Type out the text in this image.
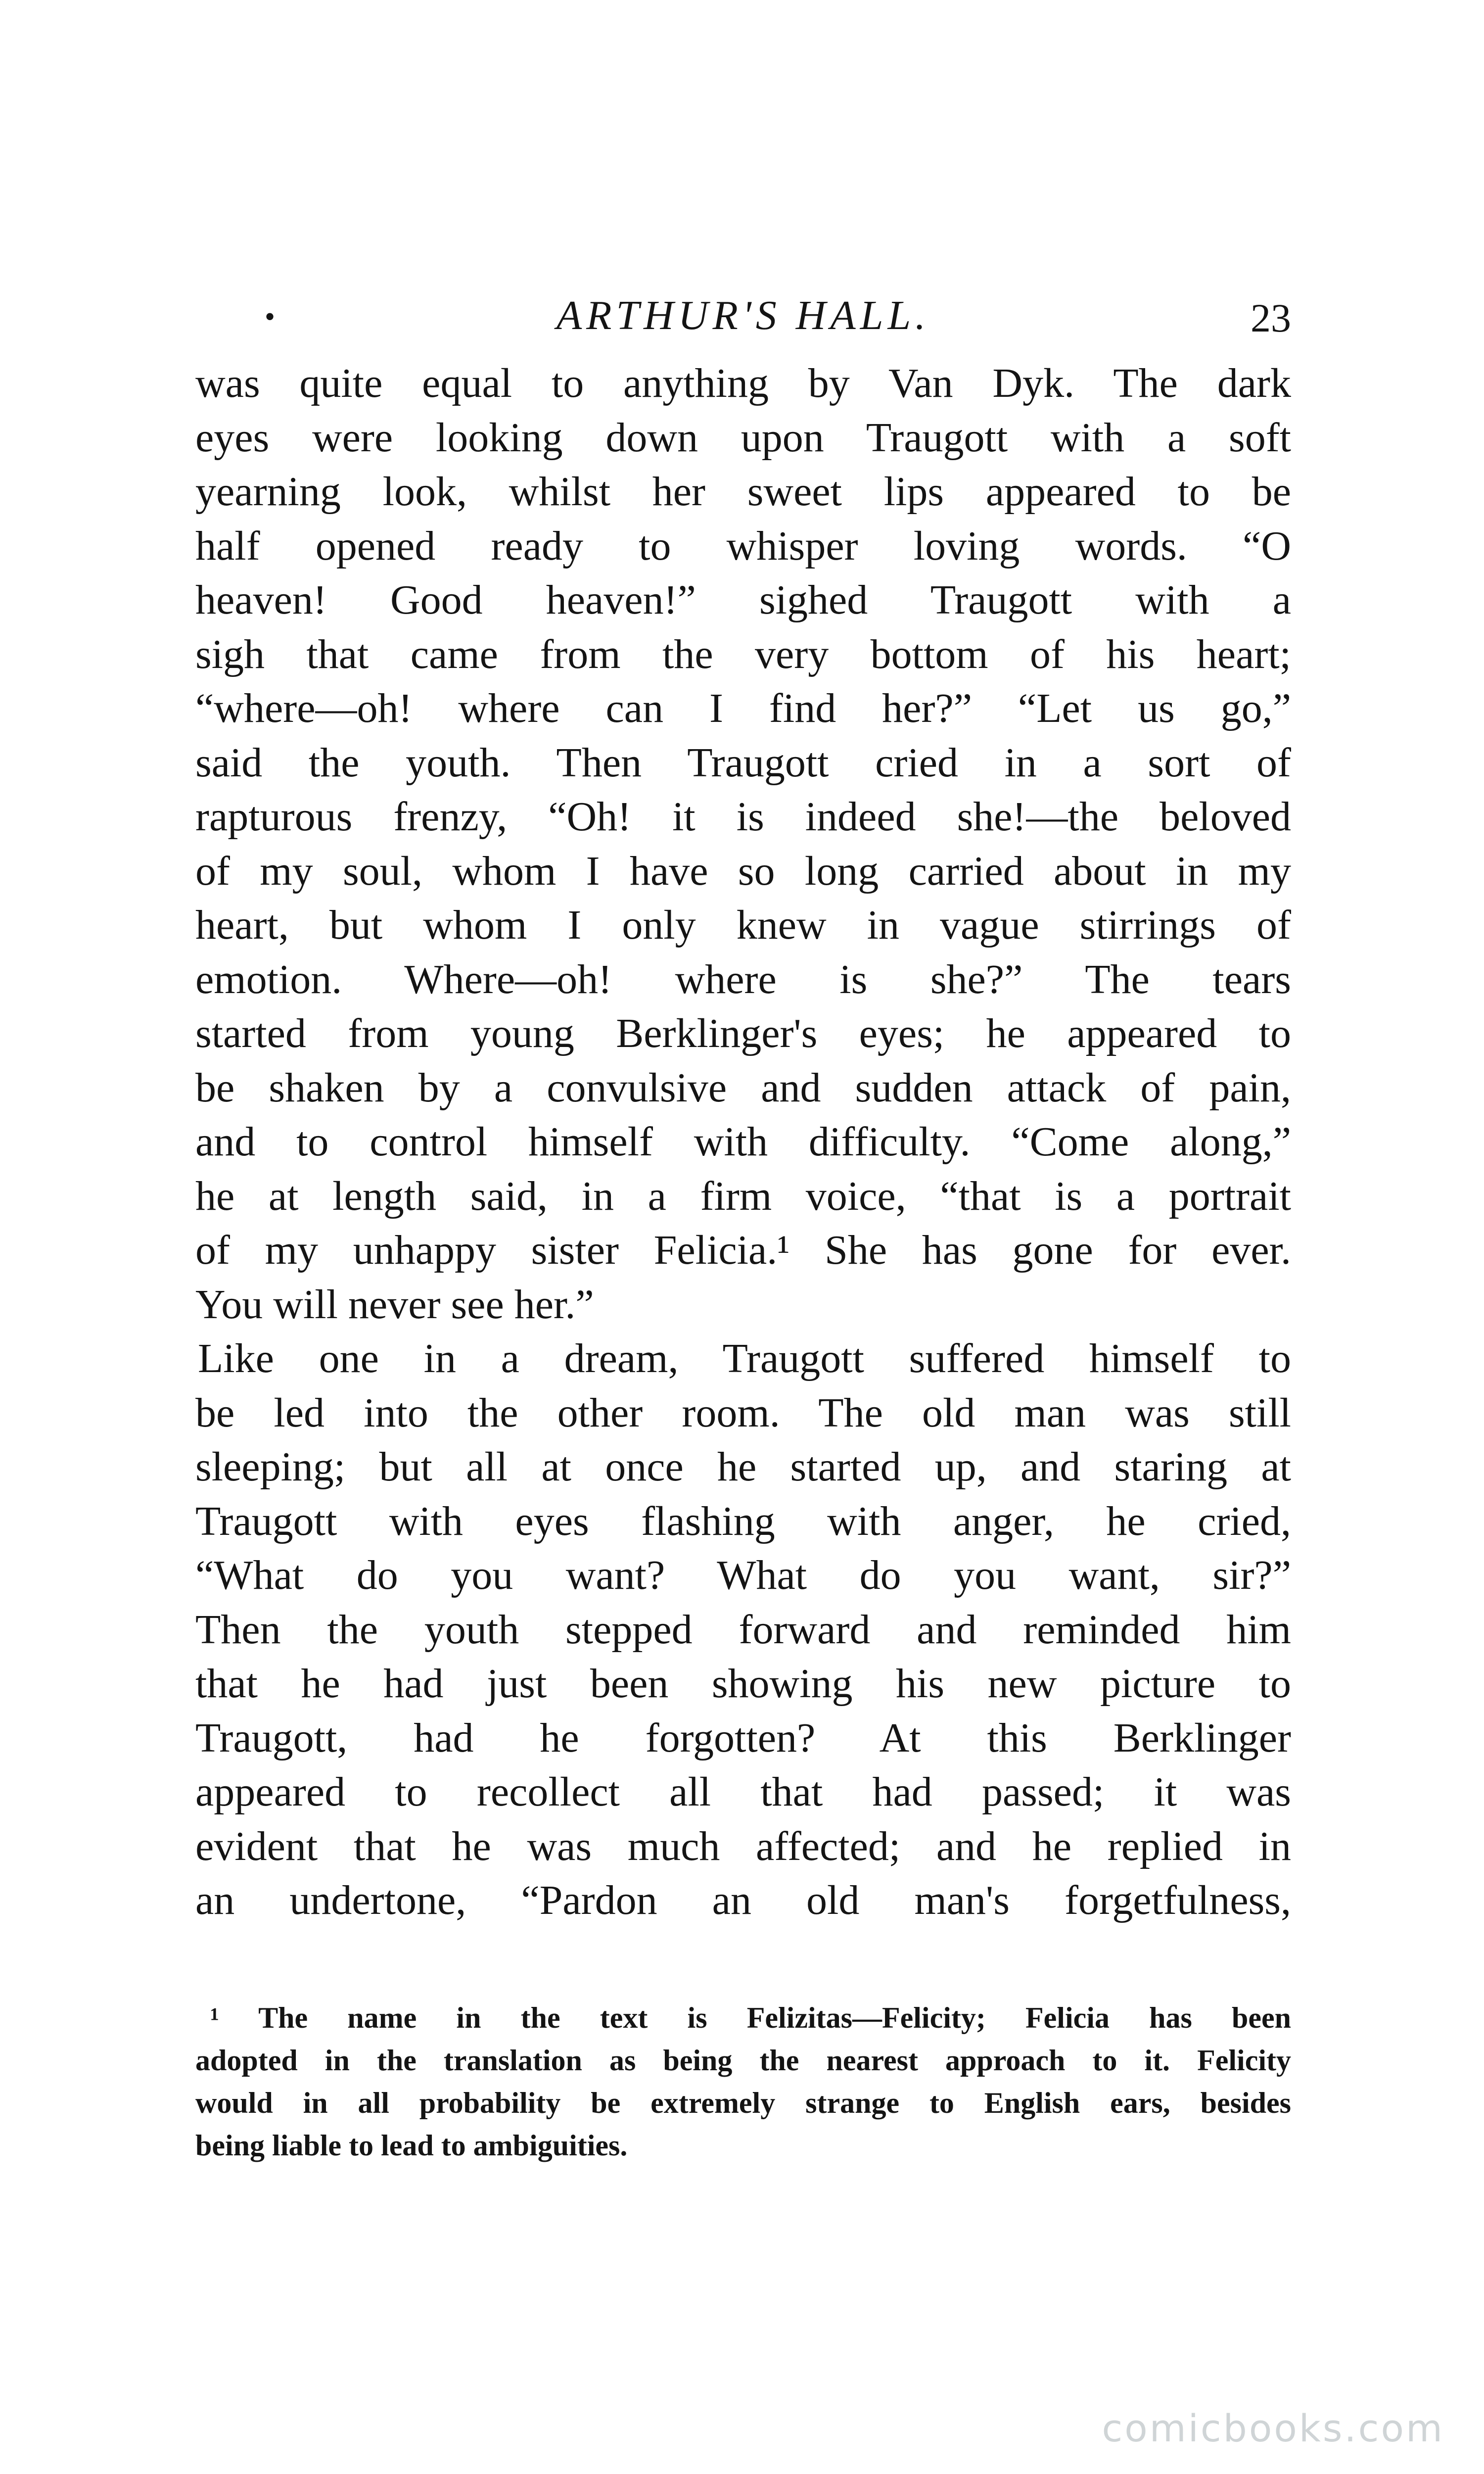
•	ARTHUR'S HALL.	23
was quite equal to anything by Van Dyk. The dark
eyes were looking down upon Traugott with a soft
yearning look, whilst her sweet lips appeared to be
half opened ready to whisper loving words. “O
heaven! Good heaven!” sighed Traugott with a
sigh that came from the very bottom of his heart;
“where—oh! where can I find her?” “Let us go,”
said the youth. Then Traugott cried in a sort of
rapturous frenzy, “Oh! it is indeed she!—the beloved
of my soul, whom I have so long carried about in my
heart, but whom I only knew in vague stirrings of
emotion. Where—oh! where is she?” The tears
started from young Berklinger's eyes; he appeared to
be shaken by a convulsive and sudden attack of pain,
and to control himself with difficulty. “Come along,”
he at length said, in a firm voice, “that is a portrait
of my unhappy sister Felicia.¹ She has gone for ever.
You will never see her.”
Like one in a dream, Traugott suffered himself to
be led into the other room. The old man was still
sleeping; but all at once he started up, and staring at
Traugott with eyes flashing with anger, he cried,
“What do you want? What do you want, sir?”
Then the youth stepped forward and reminded him
that he had just been showing his new picture to
Traugott, had he forgotten? At this Berklinger
appeared to recollect all that had passed; it was
evident that he was much affected; and he replied in
an undertone, “Pardon an old man's forgetfulness,
¹ The name in the text is Felizitas—Felicity; Felicia has been
adopted in the translation as being the nearest approach to it. Felicity
would in all probability be extremely strange to English ears, besides
being liable to lead to ambiguities.
comicbooks.com
